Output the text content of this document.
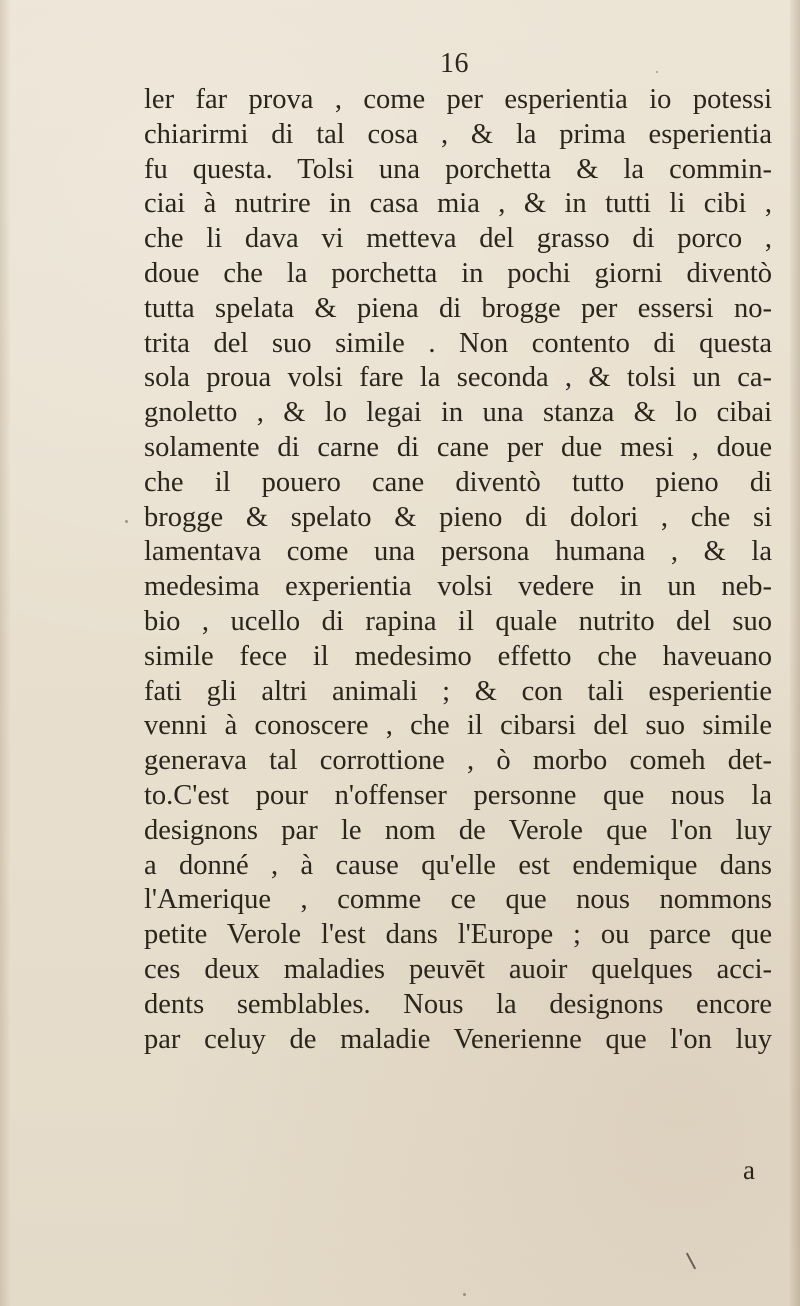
16
ler far prova , come per esperientia io potessi
chiarirmi di tal cosa , & la prima esperientia
fu questa. Tolsi una porchetta & la commin-
ciai à nutrire in casa mia , & in tutti li cibi ,
che li dava vi metteva del grasso di porco ,
doue che la porchetta in pochi giorni diventò
tutta spelata & piena di brogge per essersi no-
trita del suo simile . Non contento di questa
sola proua volsi fare la seconda , & tolsi un ca-
gnoletto , & lo legai in una stanza & lo cibai
solamente di carne di cane per due mesi , doue
che il pouero cane diventò tutto pieno di
brogge & spelato & pieno di dolori , che si
lamentava come una persona humana , & la
medesima experientia volsi vedere in un neb-
bio , ucello di rapina il quale nutrito del suo
simile fece il medesimo effetto che haveuano
fati gli altri animali ; & con tali esperientie
venni à conoscere , che il cibarsi del suo simile
generava tal corrottione , ò morbo comeh det-
to.C'est pour n'offenser personne que nous la
designons par le nom de Verole que l'on luy
a donné , à cause qu'elle est endemique dans
l'Amerique , comme ce que nous nommons
petite Verole l'est dans l'Europe ; ou parce que
ces deux maladies peuvēt auoir quelques acci-
dents semblables. Nous la designons encore
par celuy de maladie Venerienne que l'on luy
a
